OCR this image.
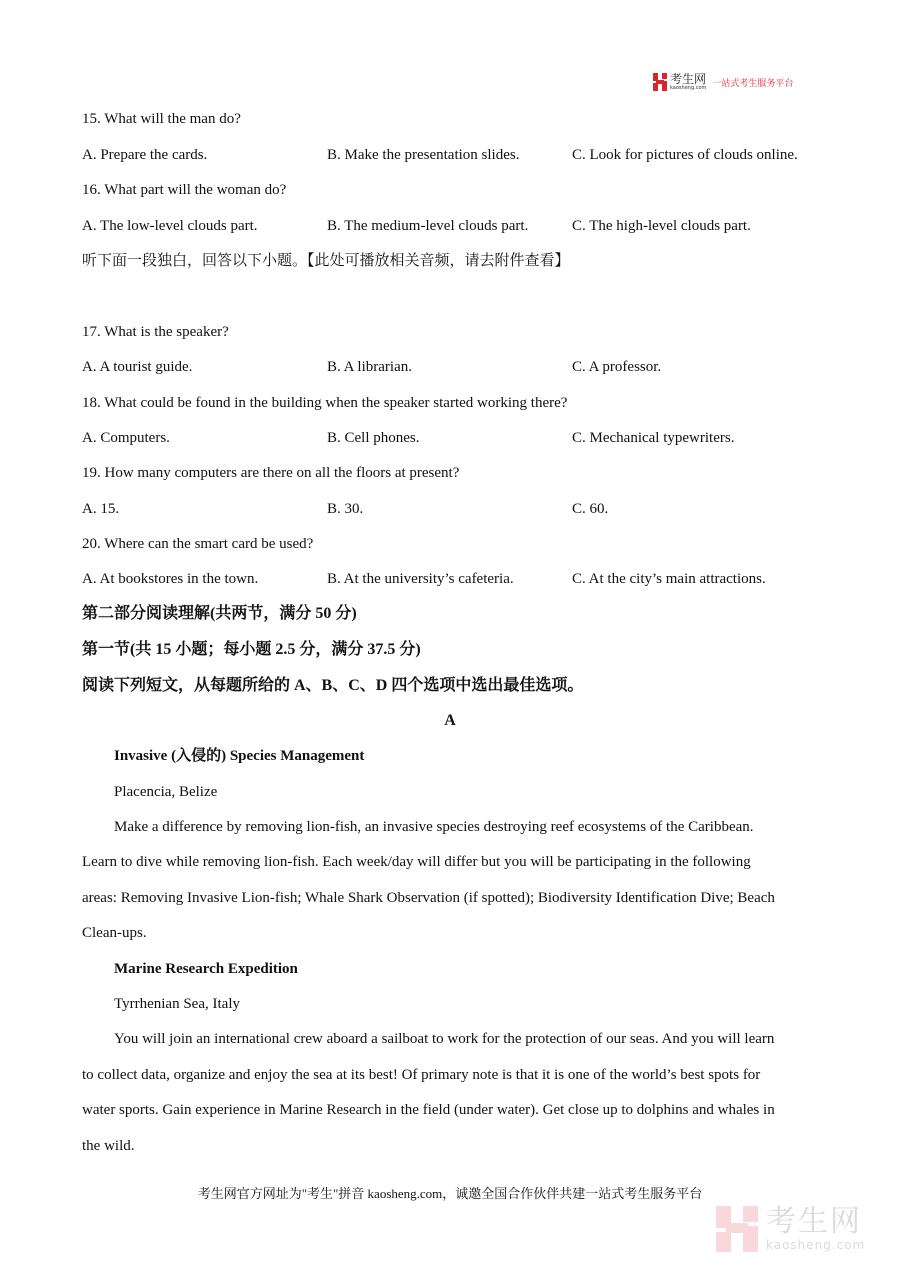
考生网
kaosheng.com 一站式考生服务平台
15. What will the man do?
A. Prepare the cards.	B. Make the presentation slides.	C. Look for pictures of clouds online.
16. What part will the woman do?
A. The low-level clouds part.	B. The medium-level clouds part.	C. The high-level clouds part.
听下面一段独白，回答以下小题。【此处可播放相关音频，请去附件查看】
17. What is the speaker?
A. A tourist guide.	B. A librarian.	C. A professor.
18. What could be found in the building when the speaker started working there?
A. Computers.	B. Cell phones.	C. Mechanical typewriters.
19. How many computers are there on all the floors at present?
A. 15.	B. 30.	C. 60.
20. Where can the smart card be used?
A. At bookstores in the town.	B. At the university’s cafeteria.	C. At the city’s main attractions.
第二部分阅读理解(共两节，满分 50 分)
第一节(共 15 小题；每小题 2.5 分，满分 37.5 分)
阅读下列短文，从每题所给的 A、B、C、D 四个选项中选出最佳选项。
A
Invasive (入侵的) Species Management
Placencia, Belize
Make a difference by removing lion-fish, an invasive species destroying reef ecosystems of the Caribbean.
Learn to dive while removing lion-fish. Each week/day will differ but you will be participating in the following
areas: Removing Invasive Lion-fish; Whale Shark Observation (if spotted); Biodiversity Identification Dive; Beach
Clean-ups.
Marine Research Expedition
Tyrrhenian Sea, Italy
You will join an international crew aboard a sailboat to work for the protection of our seas. And you will learn
to collect data, organize and enjoy the sea at its best! Of primary note is that it is one of the world’s best spots for
water sports. Gain experience in Marine Research in the field (under water). Get close up to dolphins and whales in
the wild.
考生网官方网址为"考生"拼音 kaosheng.com，诚邀全国合作伙伴共建一站式考生服务平台
考生网
kaosheng.com
